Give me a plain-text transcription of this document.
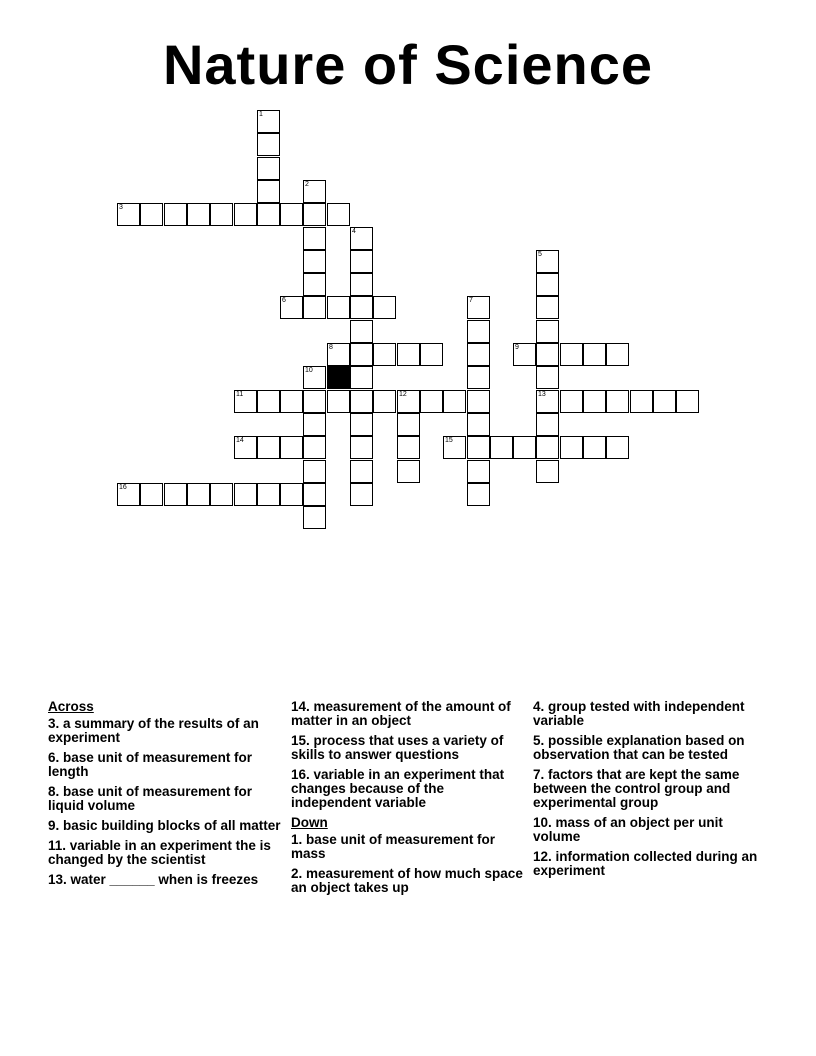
Nature of Science
1
2
3
4
5
13
6	7
8	9
10
11	12
14	15
16
Across
3. a summary of the results of an experiment
6. base unit of measurement for length
8. base unit of measurement for liquid volume
9. basic building blocks of all matter
11. variable in an experiment the is changed by the scientist
13. water ______ when is freezes
14. measurement of the amount of matter in an object
15. process that uses a variety of skills to answer questions
16. variable in an experiment that changes because of the independent variable
Down
1. base unit of measurement for mass
2. measurement of how much space an object takes up
4. group tested with independent variable
5. possible explanation based on observation that can be tested
7. factors that are kept the same between the control group and experimental group
10. mass of an object per unit volume
12. information collected during an experiment
